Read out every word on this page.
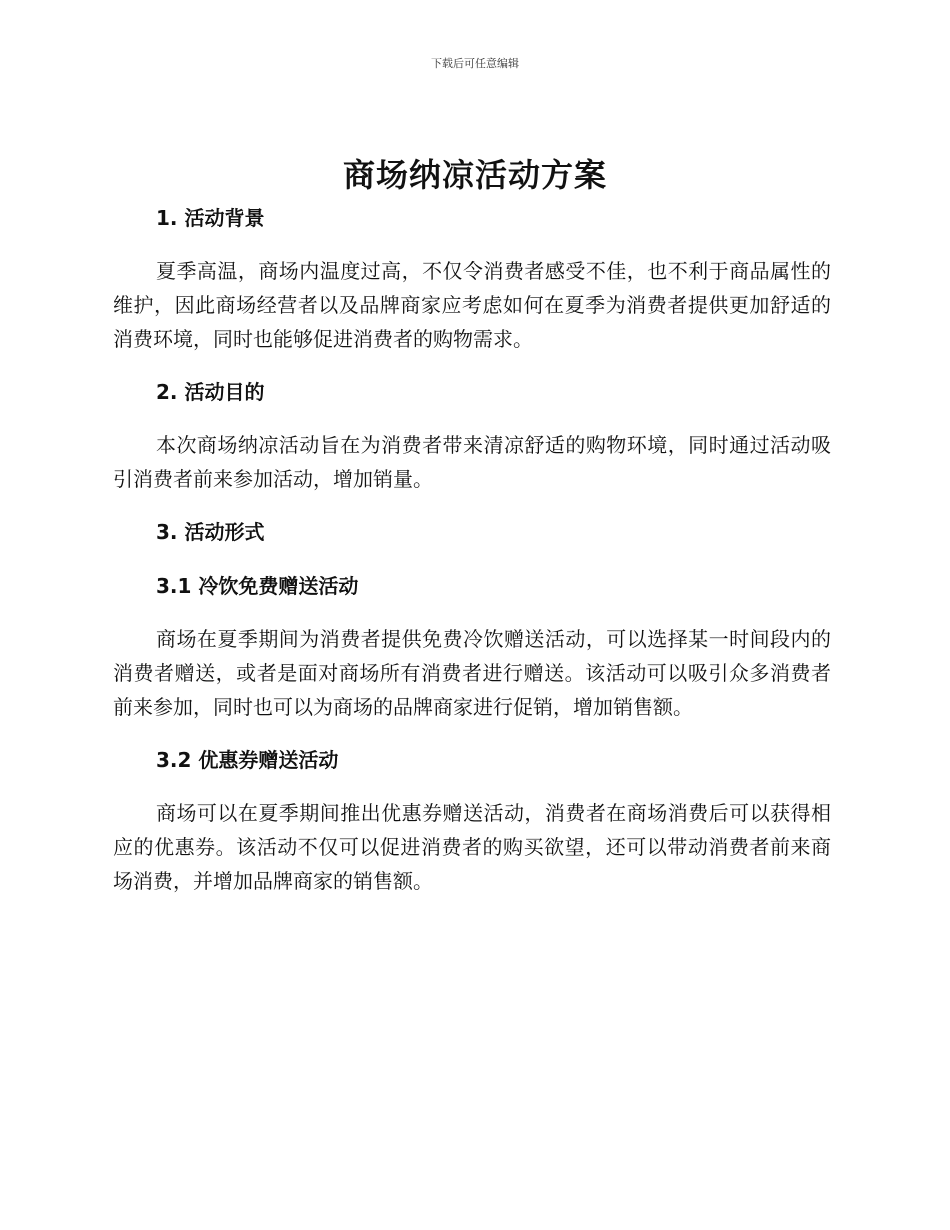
下载后可任意编辑
商场纳凉活动方案
1. 活动背景

夏季高温，商场内温度过高，不仅令消费者感受不佳，也不利于商品属性的维护，因此商场经营者以及品牌商家应考虑如何在夏季为消费者提供更加舒适的消费环境，同时也能够促进消费者的购物需求。

2. 活动目的

本次商场纳凉活动旨在为消费者带来清凉舒适的购物环境，同时通过活动吸引消费者前来参加活动，增加销量。

3. 活动形式
3.1 冷饮免费赠送活动

商场在夏季期间为消费者提供免费冷饮赠送活动，可以选择某一时间段内的消费者赠送，或者是面对商场所有消费者进行赠送。该活动可以吸引众多消费者前来参加，同时也可以为商场的品牌商家进行促销，增加销售额。

3.2 优惠券赠送活动

商场可以在夏季期间推出优惠券赠送活动，消费者在商场消费后可以获得相应的优惠券。该活动不仅可以促进消费者的购买欲望，还可以带动消费者前来商场消费，并增加品牌商家的销售额。
